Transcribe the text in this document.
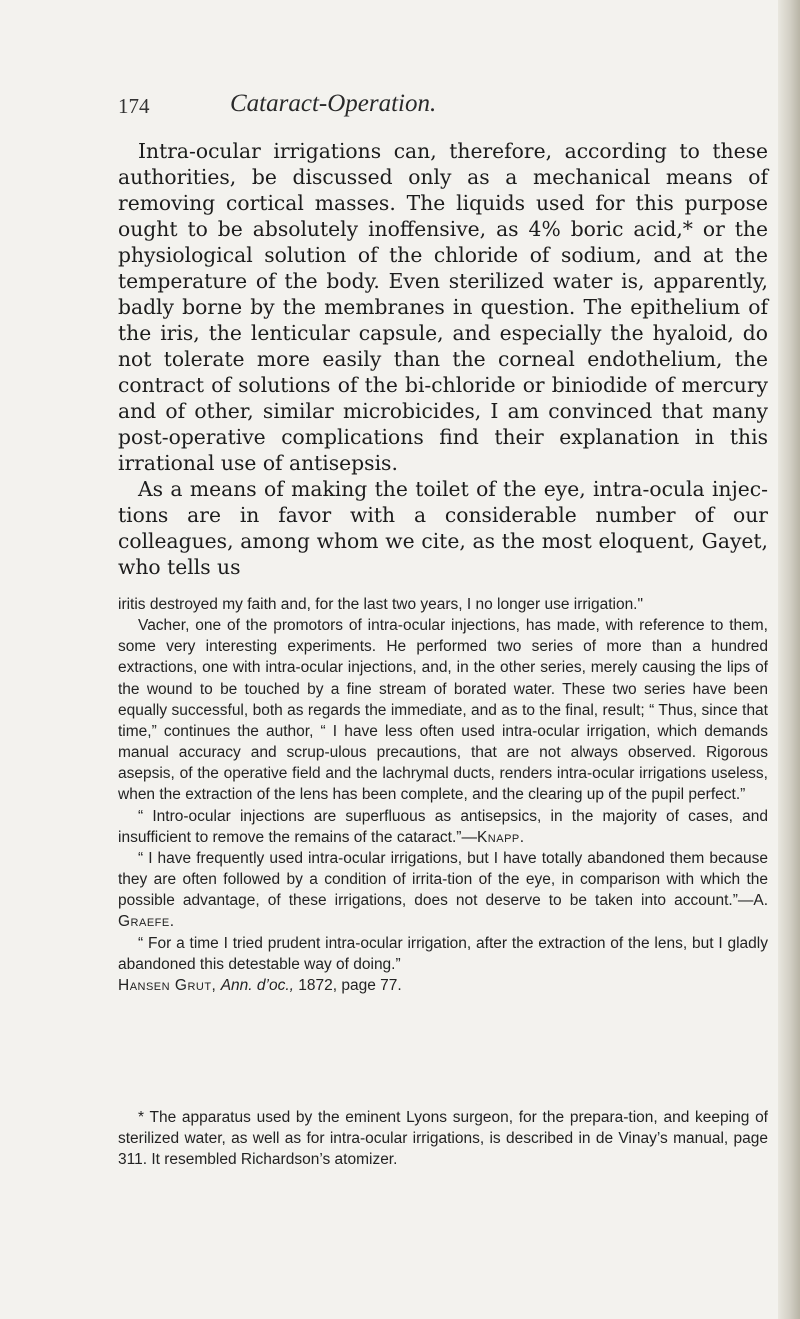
174	Cataract-Operation.

Intra-ocular irrigations can, therefore, according to these authorities, be discussed only as a mechanical means of removing cortical masses. The liquids used for this purpose ought to be absolutely inoffensive, as 4% boric acid,* or the physiological solution of the chloride of sodium, and at the temperature of the body. Even sterilized water is, apparently, badly borne by the membranes in question. The epithelium of the iris, the lenticular capsule, and especially the hyaloid, do not tolerate more easily than the corneal endothelium, the contract of solutions of the bi-chloride or biniodide of mercury and of other, similar microbicides, I am convinced that many post-operative complications find their explanation in this irrational use of antisepsis.

As a means of making the toilet of the eye, intra-ocula injec-tions are in favor with a considerable number of our colleagues, among whom we cite, as the most eloquent, Gayet, who tells us

iritis destroyed my faith and, for the last two years, I no longer use irrigation."

Vacher, one of the promotors of intra-ocular injections, has made, with reference to them, some very interesting experiments. He performed two series of more than a hundred extractions, one with intra-ocular injections, and, in the other series, merely causing the lips of the wound to be touched by a fine stream of borated water. These two series have been equally successful, both as regards the immediate, and as to the final, result; “ Thus, since that time,” continues the author, “ I have less often used intra-ocular irrigation, which demands manual accuracy and scrup-ulous precautions, that are not always observed. Rigorous asepsis, of the operative field and the lachrymal ducts, renders intra-ocular irrigations useless, when the extraction of the lens has been complete, and the clearing up of the pupil perfect.”

“ Intro-ocular injections are superfluous as antisepsics, in the majority of cases, and insufficient to remove the remains of the cataract.”—Knapp.

“ I have frequently used intra-ocular irrigations, but I have totally abandoned them because they are often followed by a condition of irrita-tion of the eye, in comparison with which the possible advantage, of these irrigations, does not deserve to be taken into account.”—A. Graefe.

“ For a time I tried prudent intra-ocular irrigation, after the extraction of the lens, but I gladly abandoned this detestable way of doing.”
Hansen Grut, Ann. d’oc., 1872, page 77.

* The apparatus used by the eminent Lyons surgeon, for the prepara-tion, and keeping of sterilized water, as well as for intra-ocular irrigations, is described in de Vinay’s manual, page 311. It resembled Richardson’s atomizer.
